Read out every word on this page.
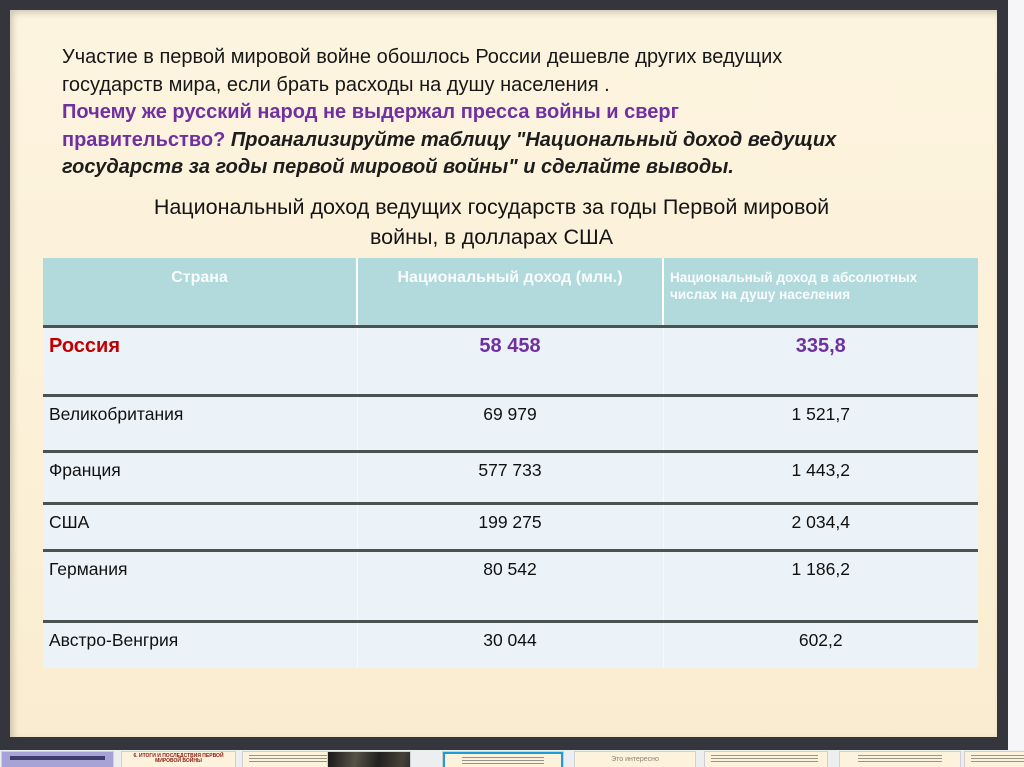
Участие в первой мировой войне обошлось России дешевле других ведущих государств мира, если брать расходы на душу населения .

Почему же русский народ не выдержал пресса войны и сверг
правительство? Проанализируйте таблицу "Национальный доход ведущих государств за годы первой мировой войны" и сделайте выводы.

Национальный доход ведущих государств за годы Первой мировой войны, в долларах США
Страна	Национальный доход (млн.)	Национальный доход в абсолютных числах на душу населения
Россия	58 458	335,8
Великобритания	69 979	1 521,7
Франция	577 733	1 443,2
США	199 275	2 034,4
Германия	80 542	1 186,2
Австро-Венгрия	30 044	602,2
6. ИТОГИ И ПОСЛЕДСТВИЯ ПЕРВОЙ МИРОВОЙ ВОЙНЫ	Это интересно
